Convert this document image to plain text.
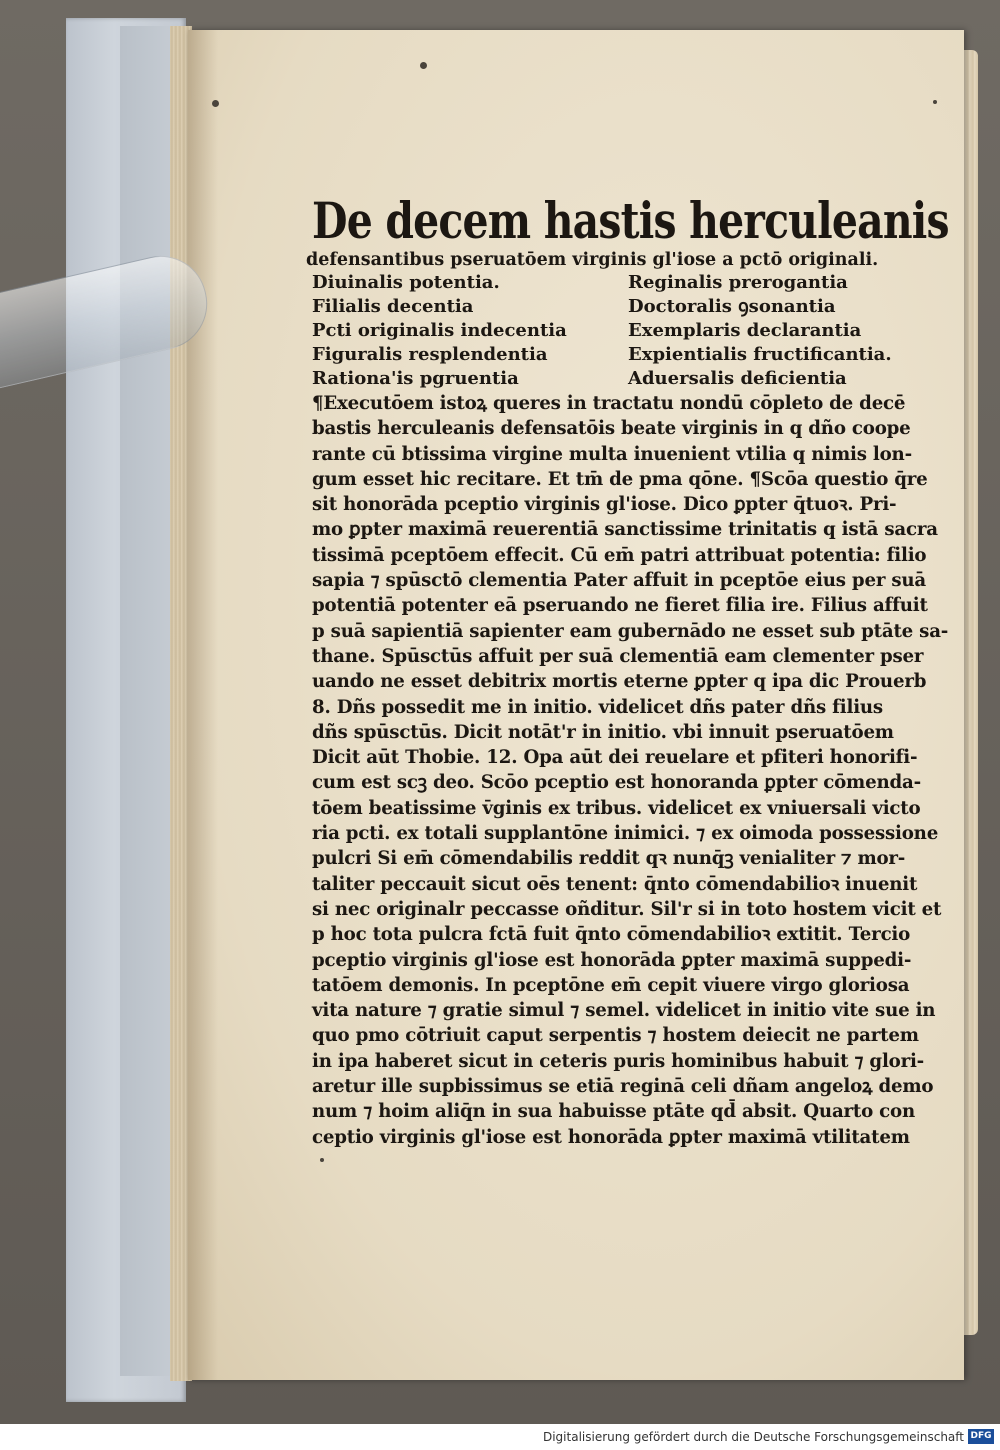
De decem hastis herculeanis
defensantibus pseruatōem virginis gl'iose a pctō originali.
Diuinalis potentia.	Reginalis prerogantia
Filialis decentia	Doctoralis ꝯsonantia
Pcti originalis indecentia	Exemplaris declarantia
Figuralis resplendentia	Expientialis fructificantia.
Rationa'is pgruentia	Aduersalis deficientia
¶Executōem istoꝝ queres in tractatu nondū cōpleto de decē
bastis herculeanis defensatōis beate virginis in q dño coope
rante cū btissima virgine multa inuenient vtilia q nimis lon-
gum esset hic recitare. Et tm̄ de pma qōne. ¶Scōa questio q̄re
sit honorāda pceptio virginis gl'iose. Dico ꝑpter q̄tuoꝛ. Pri-
mo ꝑpter maximā reuerentiā sanctissime trinitatis q istā sacra
tissimā pceptōem effecit. Cū em̄ patri attribuat potentia: filio
sapia ⁊ spūsctō clementia Pater affuit in pceptōe eius per suā
potentiā potenter eā pseruando ne fieret filia ire. Filius affuit
p suā sapientiā sapienter eam gubernādo ne esset sub ptāte sa-
thane. Spūsctūs affuit per suā clementiā eam clementer pser
uando ne esset debitrix mortis eterne ꝑpter q ipa dic Prouerb
8. Dñs possedit me in initio. videlicet dñs pater dñs filius
dñs spūsctūs. Dicit notāt'r in initio. vbi innuit pseruatōem
Dicit aūt Thobie. 12. Opa aūt dei reuelare et pfiteri honorifi-
cum est scꝫ deo. Scōo pceptio est honoranda ꝑpter cōmenda-
tōem beatissime v̄ginis ex tribus. videlicet ex vniuersali victo
ria pcti. ex totali supplantōne inimici. ⁊ ex oimoda possessione
pulcri Si em̄ cōmendabilis reddit qꝛ nunq̄ꝫ venialiter ⁊ mor-
taliter peccauit sicut oēs tenent: q̄nto cōmendabilioꝛ inuenit
si nec originalr peccasse oñditur. Sil'r si in toto hostem vicit et
p hoc tota pulcra fctā fuit q̄nto cōmendabilioꝛ extitit. Tercio
pceptio virginis gl'iose est honorāda ꝑpter maximā suppedi-
tatōem demonis. In pceptōne em̄ cepit viuere virgo gloriosa
vita nature ⁊ gratie simul ⁊ semel. videlicet in initio vite sue in
quo pmo cōtriuit caput serpentis ⁊ hostem deiecit ne partem
in ipa haberet sicut in ceteris puris hominibus habuit ⁊ glori-
aretur ille supbissimus se etiā reginā celi dñam angeloꝝ demo
num ⁊ hoim aliq̄n in sua habuisse ptāte qd̄ absit. Quarto con
ceptio virginis gl'iose est honorāda ꝑpter maximā vtilitatem
Digitalisierung gefördert durch die Deutsche Forschungsgemeinschaft DFG
